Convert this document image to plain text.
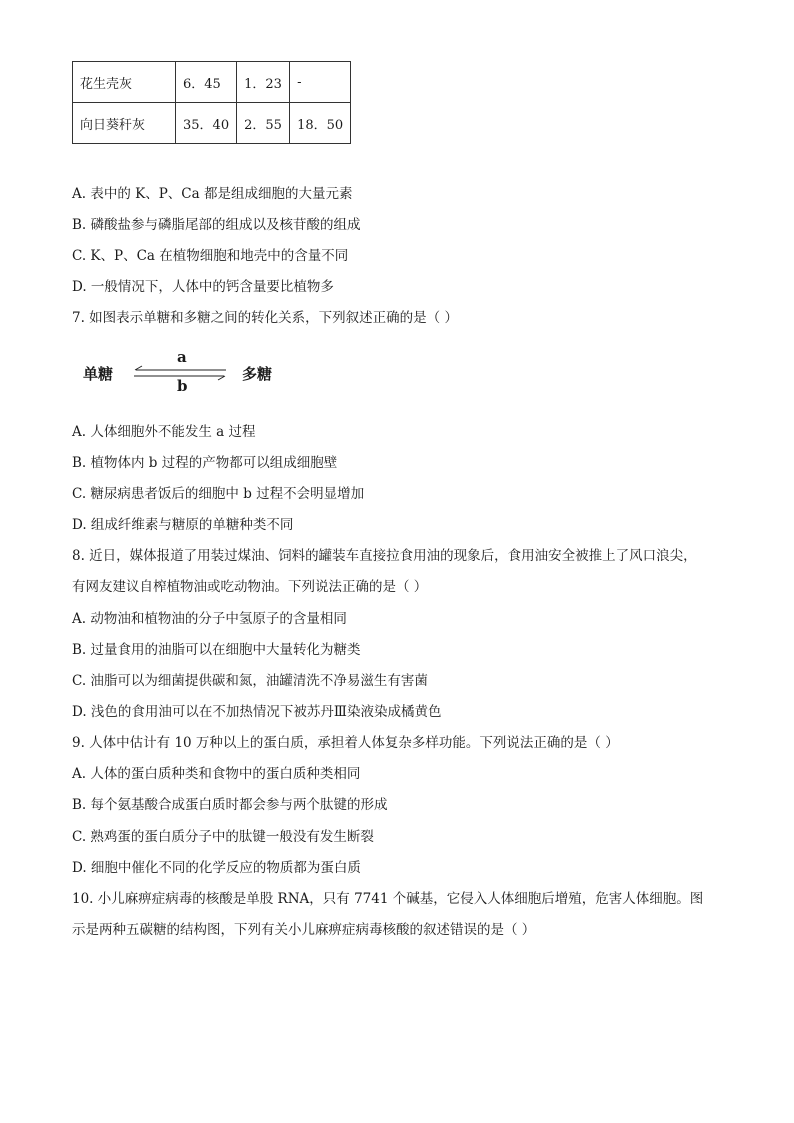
花生壳灰	6．45	1．23	-
向日葵秆灰	35．40	2．55	18．50
A. 表中的 K、P、Ca 都是组成细胞的大量元素
B. 磷酸盐参与磷脂尾部的组成以及核苷酸的组成
C. K、P、Ca 在植物细胞和地壳中的含量不同
D. 一般情况下，人体中的钙含量要比植物多
7. 如图表示单糖和多糖之间的转化关系，下列叙述正确的是（ ）
单糖
a
b
多糖
A. 人体细胞外不能发生 a 过程
B. 植物体内 b 过程的产物都可以组成细胞壁
C. 糖尿病患者饭后的细胞中 b 过程不会明显增加
D. 组成纤维素与糖原的单糖种类不同
8. 近日，媒体报道了用装过煤油、饲料的罐装车直接拉食用油的现象后，食用油安全被推上了风口浪尖，
有网友建议自榨植物油或吃动物油。下列说法正确的是（ ）
A. 动物油和植物油的分子中氢原子的含量相同
B. 过量食用的油脂可以在细胞中大量转化为糖类
C. 油脂可以为细菌提供碳和氮，油罐清洗不净易滋生有害菌
D. 浅色的食用油可以在不加热情况下被苏丹Ⅲ染液染成橘黄色
9. 人体中估计有 10 万种以上的蛋白质，承担着人体复杂多样功能。下列说法正确的是（ ）
A. 人体的蛋白质种类和食物中的蛋白质种类相同
B. 每个氨基酸合成蛋白质时都会参与两个肽键的形成
C. 熟鸡蛋的蛋白质分子中的肽键一般没有发生断裂
D. 细胞中催化不同的化学反应的物质都为蛋白质
10. 小儿麻痹症病毒的核酸是单股 RNA，只有 7741 个碱基，它侵入人体细胞后增殖，危害人体细胞。图
示是两种五碳糖的结构图，下列有关小儿麻痹症病毒核酸的叙述错误的是（ ）
